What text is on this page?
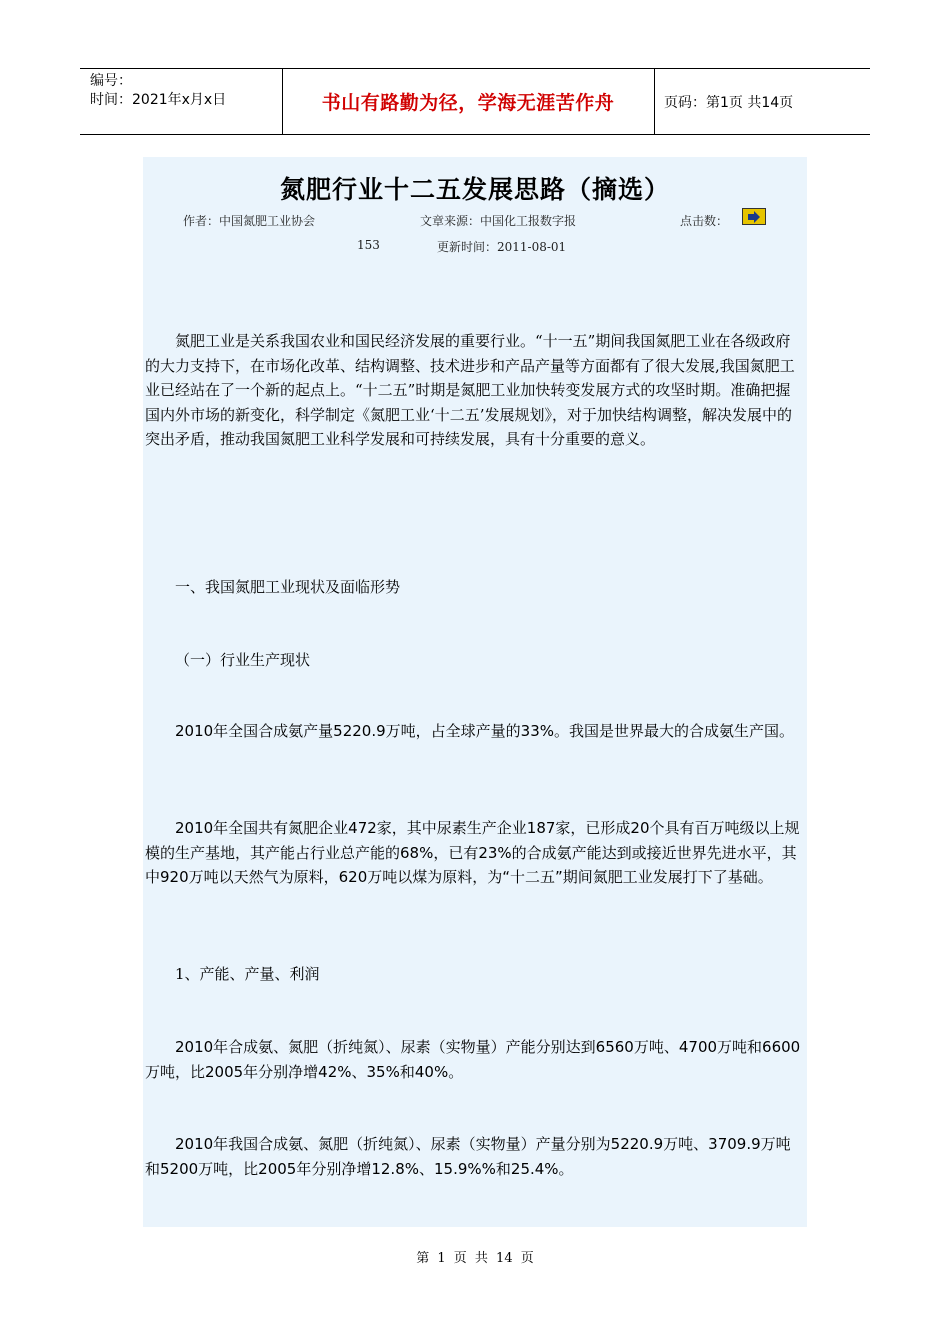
编号：
时间：2021年x月x日	书山有路勤为径，学海无涯苦作舟	页码：第1页 共14页
氮肥行业十二五发展思路（摘选）
作者：中国氮肥工业协会	文章来源：中国化工报数字报	点击数：
153	更新时间：2011-08-01
氮肥工业是关系我国农业和国民经济发展的重要行业。“十一五”期间我国氮肥工业在各级政府的大力支持下，在市场化改革、结构调整、技术进步和产品产量等方面都有了很大发展,我国氮肥工业已经站在了一个新的起点上。“十二五”时期是氮肥工业加快转变发展方式的攻坚时期。准确把握国内外市场的新变化，科学制定《氮肥工业‘十二五’发展规划》，对于加快结构调整，解决发展中的突出矛盾，推动我国氮肥工业科学发展和可持续发展，具有十分重要的意义。
一、我国氮肥工业现状及面临形势
（一）行业生产现状
2010年全国合成氨产量5220.9万吨，占全球产量的33%。我国是世界最大的合成氨生产国。
2010年全国共有氮肥企业472家，其中尿素生产企业187家，已形成20个具有百万吨级以上规模的生产基地，其产能占行业总产能的68%，已有23%的合成氨产能达到或接近世界先进水平，其中920万吨以天然气为原料，620万吨以煤为原料，为“十二五”期间氮肥工业发展打下了基础。
1、产能、产量、利润
2010年合成氨、氮肥（折纯氮）、尿素（实物量）产能分别达到6560万吨、4700万吨和6600万吨，比2005年分别净增42%、35%和40%。
2010年我国合成氨、氮肥（折纯氮）、尿素（实物量）产量分别为5220.9万吨、3709.9万吨和5200万吨，比2005年分别净增12.8%、15.9%%和25.4%。
第 1 页 共 14 页
